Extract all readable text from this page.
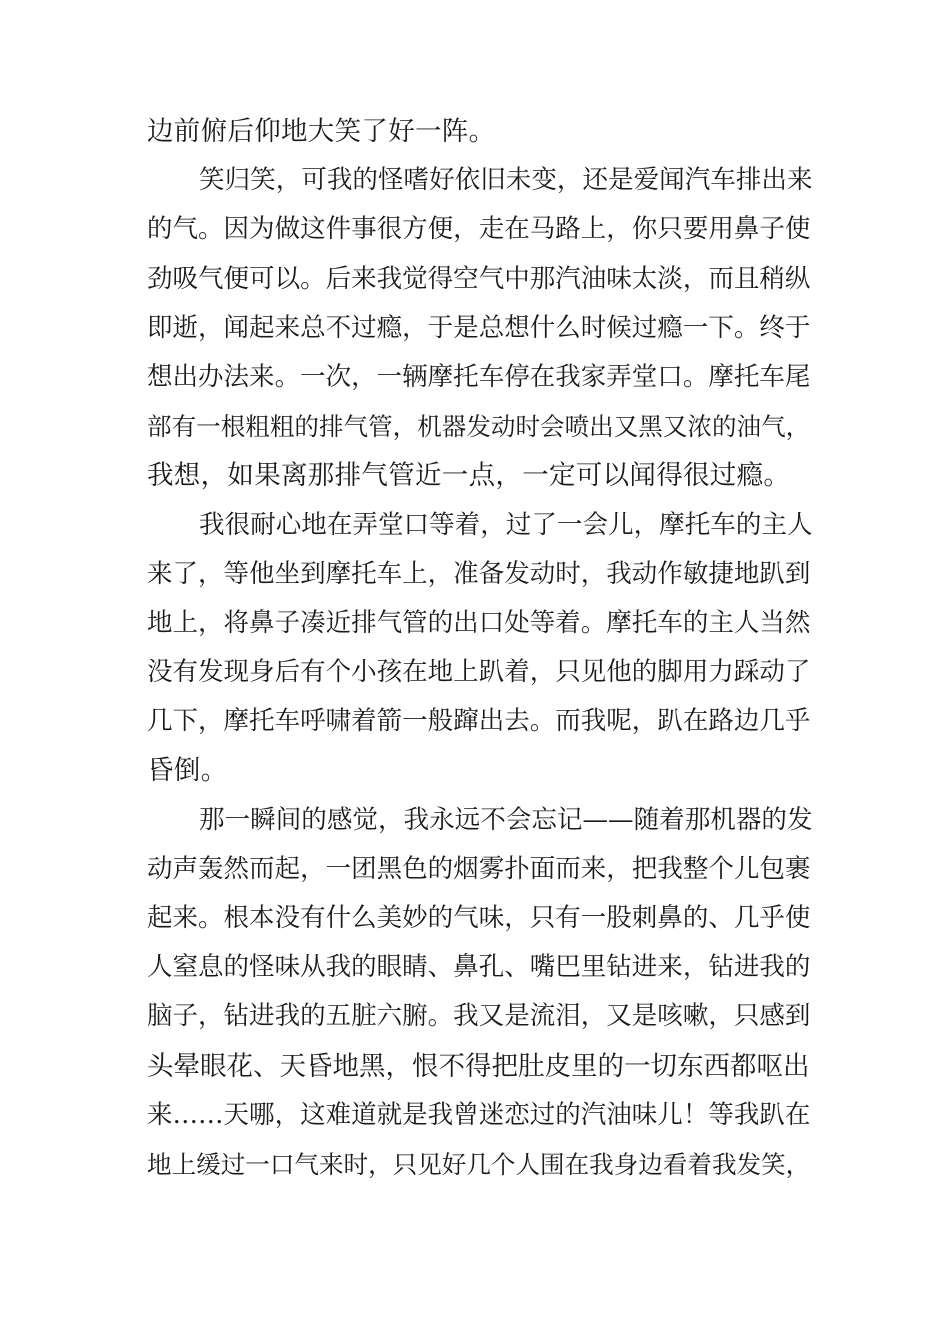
边前俯后仰地大笑了好一阵。
笑归笑，可我的怪嗜好依旧未变，还是爱闻汽车排出来
的气。因为做这件事很方便，走在马路上，你只要用鼻子使
劲吸气便可以。后来我觉得空气中那汽油味太淡，而且稍纵
即逝，闻起来总不过瘾，于是总想什么时候过瘾一下。终于
想出办法来。一次，一辆摩托车停在我家弄堂口。摩托车尾
部有一根粗粗的排气管，机器发动时会喷出又黑又浓的油气，
我想，如果离那排气管近一点，一定可以闻得很过瘾。
我很耐心地在弄堂口等着，过了一会儿，摩托车的主人
来了，等他坐到摩托车上，准备发动时，我动作敏捷地趴到
地上，将鼻子凑近排气管的出口处等着。摩托车的主人当然
没有发现身后有个小孩在地上趴着，只见他的脚用力踩动了
几下，摩托车呼啸着箭一般蹿出去。而我呢，趴在路边几乎
昏倒。
那一瞬间的感觉，我永远不会忘记——随着那机器的发
动声轰然而起，一团黑色的烟雾扑面而来，把我整个儿包裹
起来。根本没有什么美妙的气味，只有一股刺鼻的、几乎使
人窒息的怪味从我的眼睛、鼻孔、嘴巴里钻进来，钻进我的
脑子，钻进我的五脏六腑。我又是流泪，又是咳嗽，只感到
头晕眼花、天昏地黑，恨不得把肚皮里的一切东西都呕出
来……天哪，这难道就是我曾迷恋过的汽油味儿！等我趴在
地上缓过一口气来时，只见好几个人围在我身边看着我发笑，
